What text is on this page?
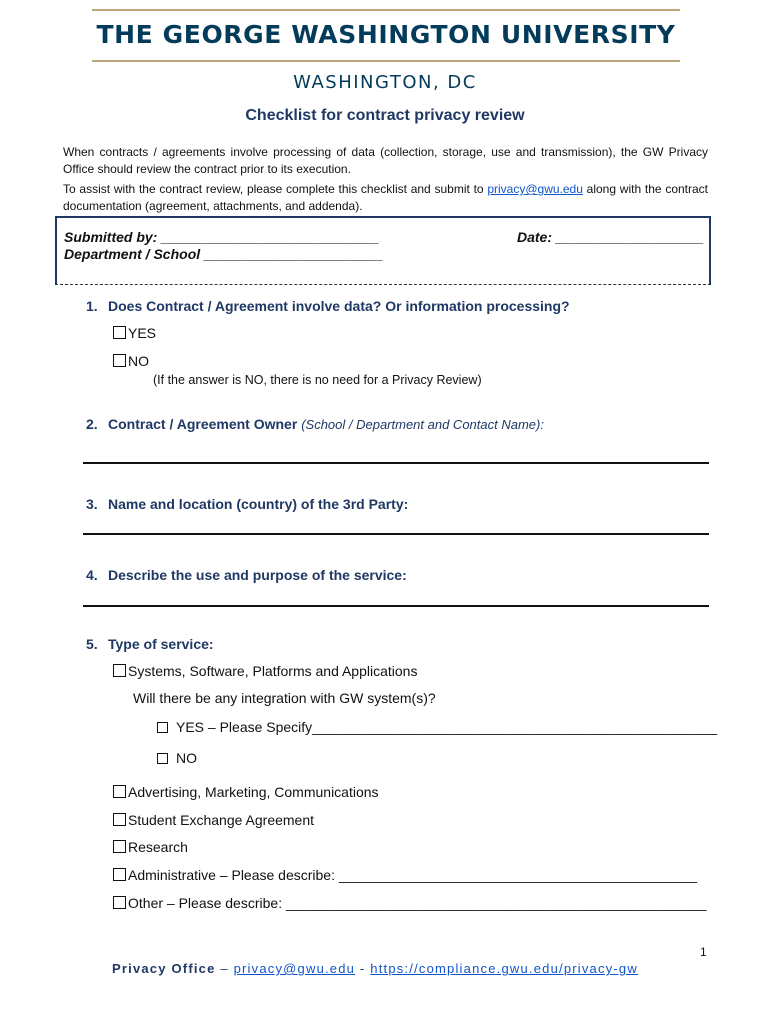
THE GEORGE WASHINGTON UNIVERSITY
WASHINGTON, DC
Checklist for contract privacy review
When contracts / agreements involve processing of data (collection, storage, use and transmission), the GW Privacy Office should review the contract prior to its execution.
To assist with the contract review, please complete this checklist and submit to privacy@gwu.edu along with the contract documentation (agreement, attachments, and addenda).
Submitted by: ____________________________	Date: ___________________
Department / School _______________________
1. Does Contract / Agreement involve data? Or information processing?
YES
NO
(If the answer is NO, there is no need for a Privacy Review)
2. Contract / Agreement Owner (School / Department and Contact Name):
3. Name and location (country) of the 3rd Party:
4. Describe the use and purpose of the service:
5. Type of service:
Systems, Software, Platforms and Applications
Will there be any integration with GW system(s)?
YES – Please Specify____________________________________________________
NO
Advertising, Marketing, Communications
Student Exchange Agreement
Research
Administrative – Please describe: ______________________________________________
Other – Please describe: ______________________________________________________
1
Privacy Office – privacy@gwu.edu - https://compliance.gwu.edu/privacy-gw
